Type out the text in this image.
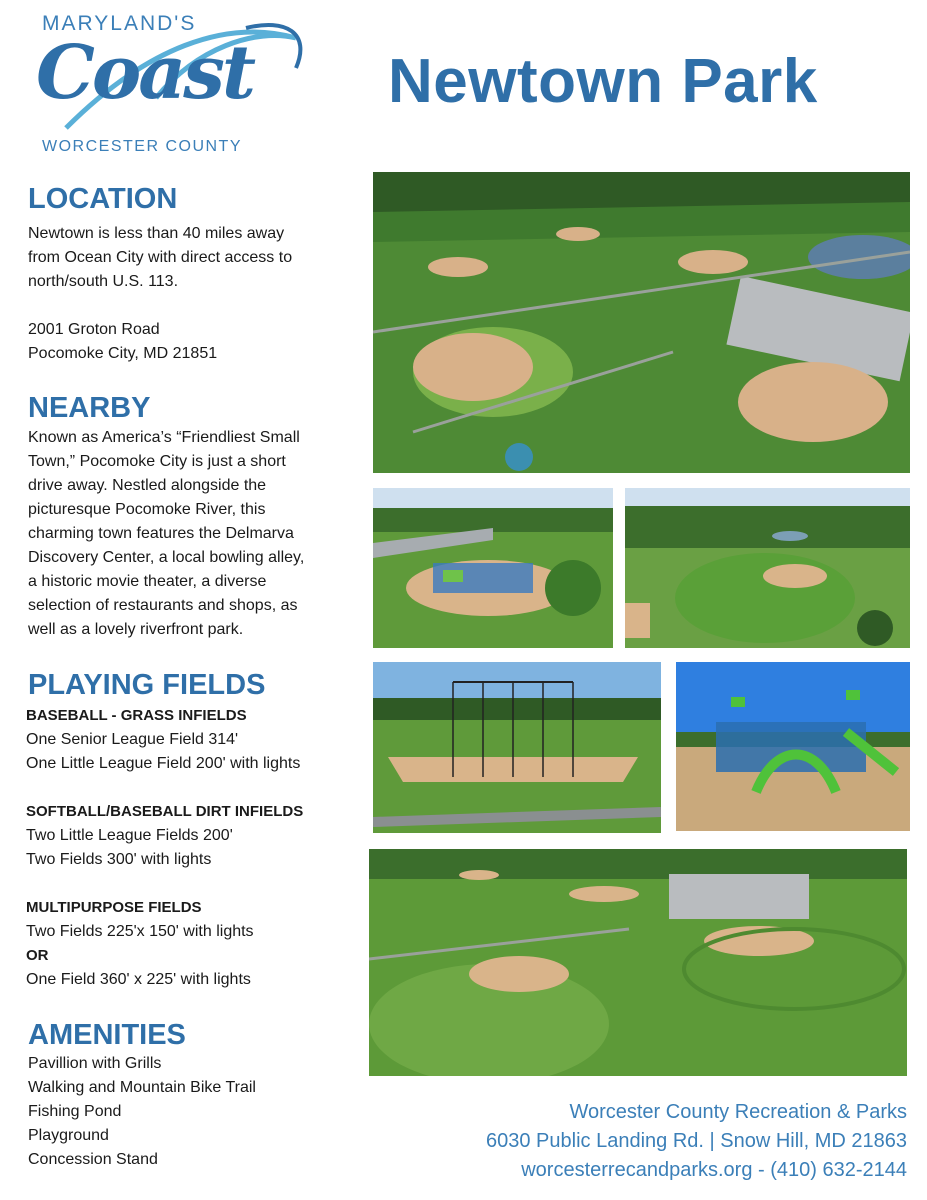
MARYLAND'S
Coast
WORCESTER COUNTY
Newtown Park
LOCATION

Newtown is less than 40 miles away

from Ocean City with direct access to

north/south U.S. 113.

2001 Groton Road

Pocomoke City, MD 21851

NEARBY

Known as America’s “Friendliest Small

Town,” Pocomoke City is just a short

drive away. Nestled alongside the

picturesque Pocomoke River, this

charming town features the Delmarva

Discovery Center, a local bowling alley,

a historic movie theater, a diverse

selection of restaurants and shops, as

well as a lovely riverfront park.

PLAYING FIELDS

BASEBALL - GRASS INFIELDS

One Senior League Field 314'

One Little League Field 200' with lights

SOFTBALL/BASEBALL DIRT INFIELDS

Two Little League Fields 200'

Two Fields 300' with lights

MULTIPURPOSE FIELDS

Two Fields 225'x 150' with lights

OR

One Field 360' x 225' with lights

AMENITIES

Pavillion with Grills

Walking and Mountain Bike Trail

Fishing Pond

Playground

Concession Stand

Worcester County Recreation & Parks
6030 Public Landing Rd. | Snow Hill, MD 21863
worcesterrecandparks.org - (410) 632-2144
